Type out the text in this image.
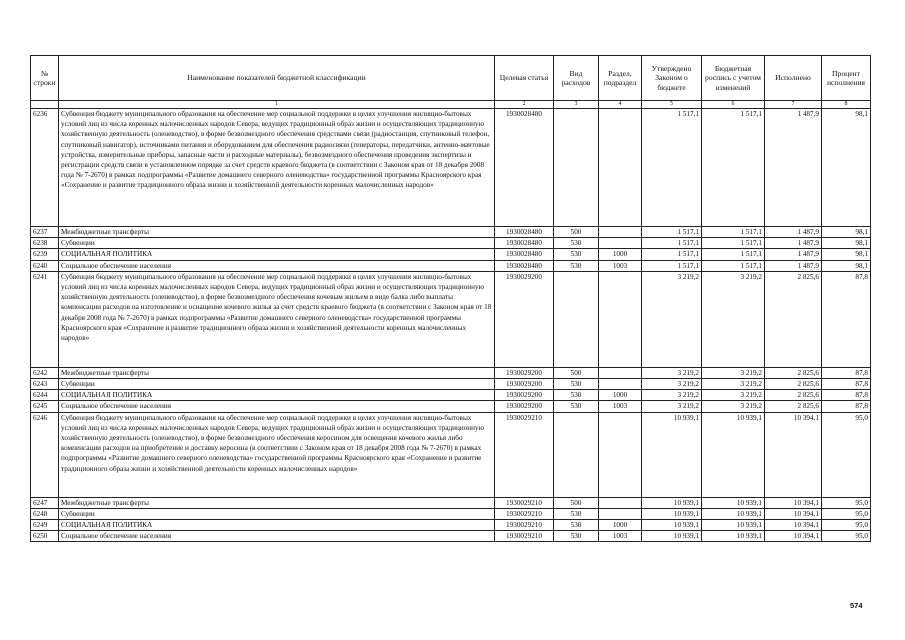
№ строки	Наименование показателей бюджетной классификации	Целевая статья	Вид расходов	Раздел, подраздел	Утверждено Законом о бюджете	Бюджетная роспись с учетом изменений	Исполнено	Процент исполнения
	1	2	3	4	5	6	7	8
6236	Субвенция бюджету муниципального образования на обеспечение мер социальной поддержки в целях улучшения жилищно-бытовых условий лиц из числа коренных малочисленных народов Севера, ведущих традиционный образ жизни и осуществляющих традиционную хозяйственную деятельность (оленеводство), в форме безвозмездного обеспечения средствами связи (радиостанция, спутниковый телефон, спутниковый навигатор), источниками питания и оборудованием для обеспечения радиосвязи (генераторы, передатчики, антенно-мачтовые устройства, измерительные приборы, запасные части и расходные материалы), безвозмездного обеспечения проведения экспертизы и регистрации средств связи в установленном порядке за счет средств краевого бюджета (в соответствии с Законом края от 18 декабря 2008 года № 7-2670) в рамках подпрограммы «Развитие домашнего северного оленеводства» государственной программы Красноярского края «Сохранение и развитие традиционного образа жизни и хозяйственной деятельности коренных малочисленных народов»	1930028480			1 517,1	1 517,1	1 487,9	98,1
6237	Межбюджетные трансферты	1930028480	500		1 517,1	1 517,1	1 487,9	98,1
6238	Субвенции	1930028480	530		1 517,1	1 517,1	1 487,9	98,1
6239	СОЦИАЛЬНАЯ ПОЛИТИКА	1930028480	530	1000	1 517,1	1 517,1	1 487,9	98,1
6240	Социальное обеспечение населения	1930028480	530	1003	1 517,1	1 517,1	1 487,9	98,1
6241	Субвенция бюджету муниципального образования на обеспечение мер социальной поддержки в целях улучшения жилищно-бытовых условий лиц из числа коренных малочисленных народов Севера, ведущих традиционный образ жизни и осуществляющих традиционную хозяйственную деятельность (оленеводство), в форме безвозмездного обеспечения кочевым жильем в виде балка либо выплаты компенсации расходов на изготовление и оснащение кочевого жилья за счет средств краевого бюджета (в соответствии с Законом края от 18 декабря 2008 года № 7-2670) в рамках подпрограммы «Развитие домашнего северного оленеводства» государственной программы Красноярского края «Сохранение и развитие традиционного образа жизни и хозяйственной деятельности коренных малочисленных народов»	1930029200			3 219,2	3 219,2	2 825,6	87,8
6242	Межбюджетные трансферты	1930029200	500		3 219,2	3 219,2	2 825,6	87,8
6243	Субвенции	1930029200	530		3 219,2	3 219,2	2 825,6	87,8
6244	СОЦИАЛЬНАЯ ПОЛИТИКА	1930029200	530	1000	3 219,2	3 219,2	2 825,6	87,8
6245	Социальное обеспечение населения	1930029200	530	1003	3 219,2	3 219,2	2 825,6	87,8
6246	Субвенция бюджету муниципального образования на обеспечение мер социальной поддержки в целях улучшения жилищно-бытовых условий лиц из числа коренных малочисленных народов Севера, ведущих традиционный образ жизни и осуществляющих традиционную хозяйственную деятельность (оленеводство), в форме безвозмездного обеспечения керосином для освещения кочевого жилья либо компенсации расходов на приобретение и доставку керосина (в соответствии с Законом края от 18 декабря 2008 года № 7-2670) в рамках подпрограммы «Развитие домашнего северного оленеводства» государственной программы Красноярского края «Сохранение и развитие традиционного образа жизни и хозяйственной деятельности коренных малочисленных народов»	1930029210			10 939,1	10 939,1	10 394,1	95,0
6247	Межбюджетные трансферты	1930029210	500		10 939,1	10 939,1	10 394,1	95,0
6248	Субвенции	1930029210	530		10 939,1	10 939,1	10 394,1	95,0
6249	СОЦИАЛЬНАЯ ПОЛИТИКА	1930029210	530	1000	10 939,1	10 939,1	10 394,1	95,0
6250	Социальное обеспечение населения	1930029210	530	1003	10 939,1	10 939,1	10 394,1	95,0
574
